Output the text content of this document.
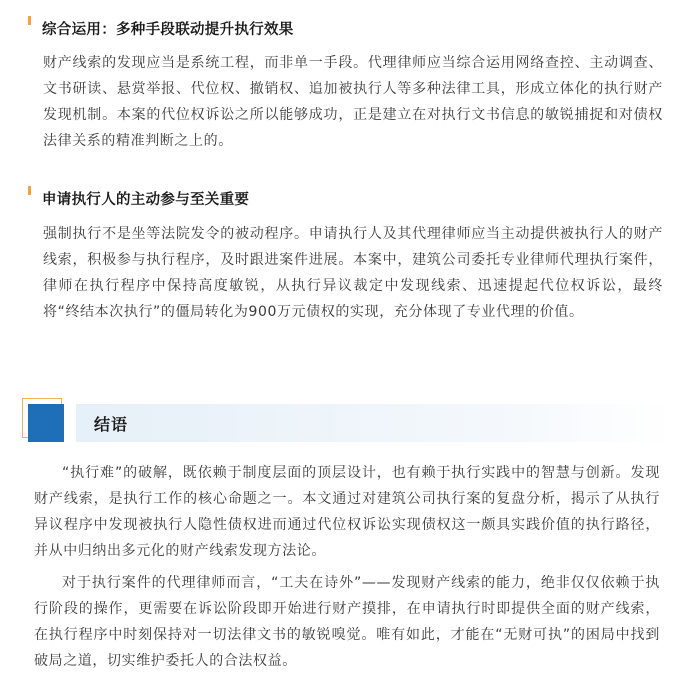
综合运用：多种手段联动提升执行效果

财产线索的发现应当是系统工程，而非单一手段。代理律师应当综合运用网络查控、主动调查、文书研读、悬赏举报、代位权、撤销权、追加被执行人等多种法律工具，形成立体化的执行财产发现机制。本案的代位权诉讼之所以能够成功，正是建立在对执行文书信息的敏锐捕捉和对债权法律关系的精准判断之上的。

申请执行人的主动参与至关重要

强制执行不是坐等法院发令的被动程序。申请执行人及其代理律师应当主动提供被执行人的财产线索，积极参与执行程序，及时跟进案件进展。本案中，建筑公司委托专业律师代理执行案件，律师在执行程序中保持高度敏锐，从执行异议裁定中发现线索、迅速提起代位权诉讼，最终将“终结本次执行”的僵局转化为900万元债权的实现，充分体现了专业代理的价值。

结语

“执行难”的破解，既依赖于制度层面的顶层设计，也有赖于执行实践中的智慧与创新。发现财产线索，是执行工作的核心命题之一。本文通过对建筑公司执行案的复盘分析，揭示了从执行异议程序中发现被执行人隐性债权进而通过代位权诉讼实现债权这一颇具实践价值的执行路径，并从中归纳出多元化的财产线索发现方法论。

对于执行案件的代理律师而言，“工夫在诗外”——发现财产线索的能力，绝非仅仅依赖于执行阶段的操作，更需要在诉讼阶段即开始进行财产摸排，在申请执行时即提供全面的财产线索，在执行程序中时刻保持对一切法律文书的敏锐嗅觉。唯有如此，才能在“无财可执”的困局中找到破局之道，切实维护委托人的合法权益。
